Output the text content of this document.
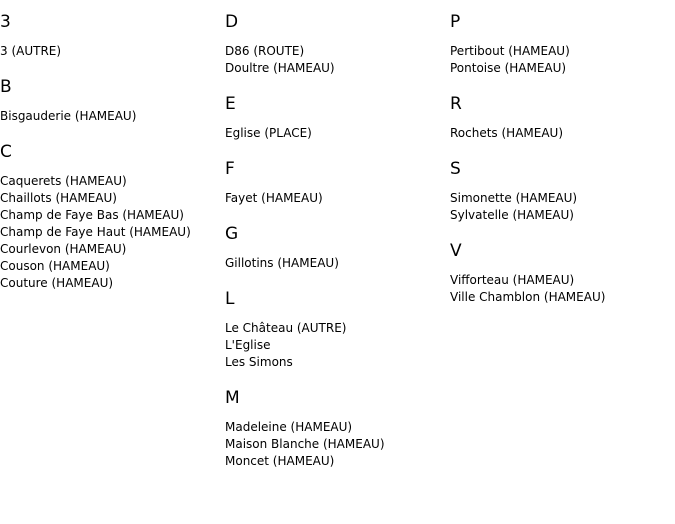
3
3 (AUTRE)
B
Bisgauderie (HAMEAU)
C
Caquerets (HAMEAU)
Chaillots (HAMEAU)
Champ de Faye Bas (HAMEAU)
Champ de Faye Haut (HAMEAU)
Courlevon (HAMEAU)
Couson (HAMEAU)
Couture (HAMEAU)
D
D86 (ROUTE)
Doultre (HAMEAU)
E
Eglise (PLACE)
F
Fayet (HAMEAU)
G
Gillotins (HAMEAU)
L
Le Château (AUTRE)
L'Eglise
Les Simons
M
Madeleine (HAMEAU)
Maison Blanche (HAMEAU)
Moncet (HAMEAU)
P
Pertibout (HAMEAU)
Pontoise (HAMEAU)
R
Rochets (HAMEAU)
S
Simonette (HAMEAU)
Sylvatelle (HAMEAU)
V
Vifforteau (HAMEAU)
Ville Chamblon (HAMEAU)
